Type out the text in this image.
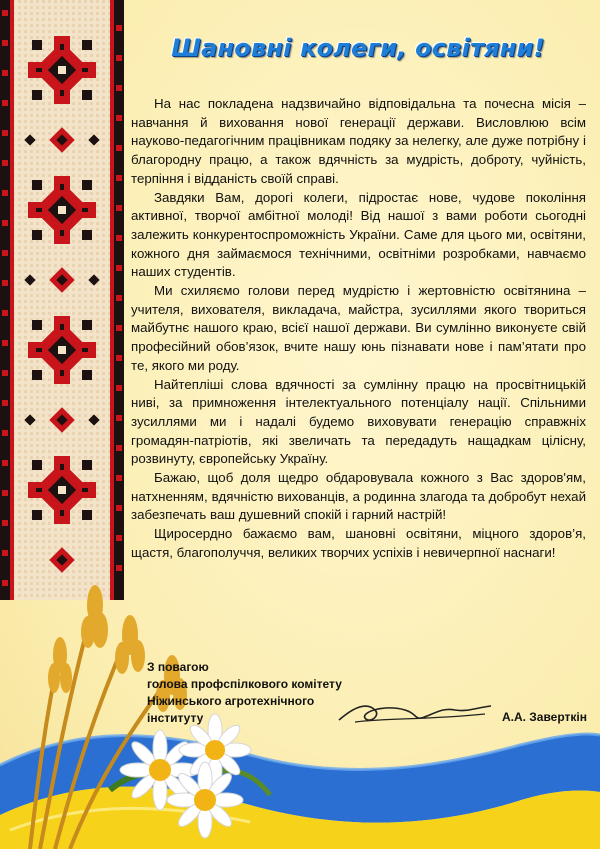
Шановні колеги, освітяни!

На нас покладена надзвичайно відповідальна та почесна місія – навчання й виховання нової генерації держави. Висловлюю всім науково-педагогічним працівникам подяку за нелегку, але дуже потрібну і благородну працю, а також вдячність за мудрість, доброту, чуйність, терпіння і відданість своїй справі.

Завдяки Вам, дорогі колеги, підростає нове, чудове покоління активної, творчої амбітної молоді! Від нашої з вами роботи сьогодні залежить конкурентоспроможність України. Саме для цього ми, освітяни, кожного дня займаємося технічними, освітніми розробками, навчаємо наших студентів.

Ми схиляємо голови перед мудрістю і жертовністю освітянина – учителя, вихователя, викладача, майстра, зусиллями якого твориться майбутнє нашого краю, всієї нашої держави. Ви сумлінно виконуєте свій професійний обов’язок, вчите нашу юнь пізнавати нове і пам’ятати про те, якого ми роду.

Найтепліші слова вдячності за сумлінну працю на просвітницькій ниві, за примноження інтелектуального потенціалу нації. Спільними зусиллями ми і надалі будемо виховувати генерацію справжніх громадян-патріотів, які звеличать та передадуть нащадкам цілісну, розвинуту, європейську Україну.

Бажаю, щоб доля щедро обдаровувала кожного з Вас здоров'ям, натхненням, вдячністю вихованців, а родинна злагода та добробут нехай забезпечать ваш душевний спокій і гарний настрій!

Щиросердно бажаємо вам, шановні освітяни, міцного здоров’я, щастя, благополуччя, великих творчих успіхів і невичерпної наснаги!

З повагою

голова профспілкового комітету

Ніжинського агротехнічного

інституту	А.А. Заверткін
